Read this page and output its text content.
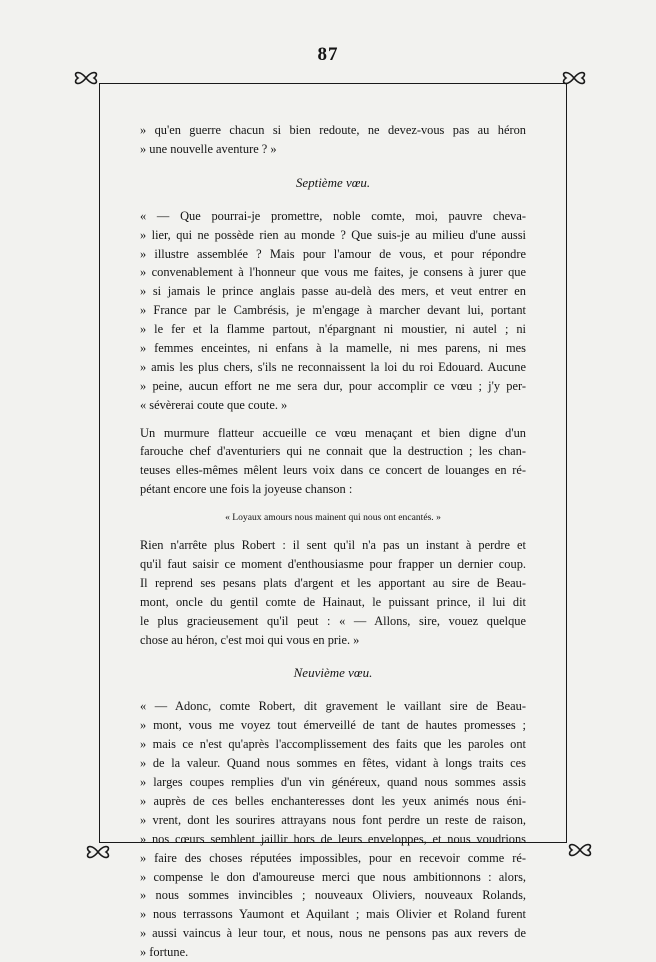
87
» qu'en guerre chacun si bien redoute, ne devez-vous pas au héron
» une nouvelle aventure ? »
Septième vœu.
« — Que pourrai-je promettre, noble comte, moi, pauvre cheva-
» lier, qui ne possède rien au monde ? Que suis-je au milieu d'une aussi
» illustre assemblée ? Mais pour l'amour de vous, et pour répondre
» convenablement à l'honneur que vous me faites, je consens à jurer que
» si jamais le prince anglais passe au-delà des mers, et veut entrer en
» France par le Cambrésis, je m'engage à marcher devant lui, portant
» le fer et la flamme partout, n'épargnant ni moustier, ni autel ; ni
» femmes enceintes, ni enfans à la mamelle, ni mes parens, ni mes
» amis les plus chers, s'ils ne reconnaissent la loi du roi Edouard. Aucune
» peine, aucun effort ne me sera dur, pour accomplir ce vœu ; j'y per-
« sévèrerai coute que coute. »
Un murmure flatteur accueille ce vœu menaçant et bien digne d'un
farouche chef d'aventuriers qui ne connait que la destruction ; les chan-
teuses elles-mêmes mêlent leurs voix dans ce concert de louanges en ré-
pétant encore une fois la joyeuse chanson :
« Loyaux amours nous mainent qui nous ont encantés. »
Rien n'arrête plus Robert : il sent qu'il n'a pas un instant à perdre et
qu'il faut saisir ce moment d'enthousiasme pour frapper un dernier coup.
Il reprend ses pesans plats d'argent et les apportant au sire de Beau-
mont, oncle du gentil comte de Hainaut, le puissant prince, il lui dit
le plus gracieusement qu'il peut : « — Allons, sire, vouez quelque
chose au héron, c'est moi qui vous en prie. »
Neuvième vœu.
« — Adonc, comte Robert, dit gravement le vaillant sire de Beau-
» mont, vous me voyez tout émerveillé de tant de hautes promesses ;
» mais ce n'est qu'après l'accomplissement des faits que les paroles ont
» de la valeur. Quand nous sommes en fêtes, vidant à longs traits ces
» larges coupes remplies d'un vin généreux, quand nous sommes assis
» auprès de ces belles enchanteresses dont les yeux animés nous éni-
» vrent, dont les sourires attrayans nous font perdre un reste de raison,
» nos cœurs semblent jaillir hors de leurs enveloppes, et nous voudrions
» faire des choses réputées impossibles, pour en recevoir comme ré-
» compense le don d'amoureuse merci que nous ambitionnons : alors,
» nous sommes invincibles ; nouveaux Oliviers, nouveaux Rolands,
» nous terrassons Yaumont et Aquilant ; mais Olivier et Roland furent
» aussi vaincus à leur tour, et nous, nous ne pensons pas aux revers de
» fortune.
